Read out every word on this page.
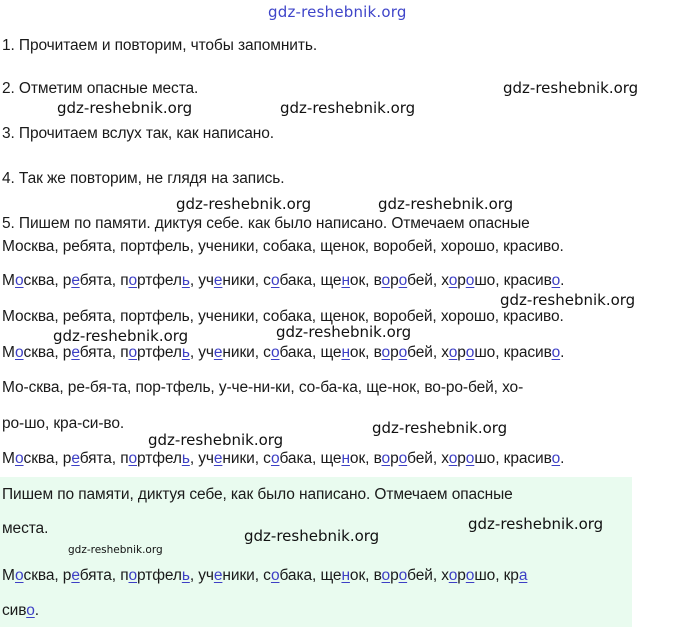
gdz-reshebnik.org
gdz-reshebnik.org
gdz-reshebnik.org	gdz-reshebnik.org
gdz-reshebnik.org	gdz-reshebnik.org
gdz-reshebnik.org
gdz-reshebnik.org	gdz-reshebnik.org
gdz-reshebnik.org
gdz-reshebnik.org
gdz-reshebnik.org
gdz-reshebnik.org
gdz-reshebnik.org
1. Прочитаем и повторим, чтобы запомнить.
2. Отметим опасные места.
3. Прочитаем вслух так, как написано.
4. Так же повторим, не глядя на запись.
5. Пишем по памяти. диктуя себе. как было написано. Отмечаем опасные
Москва, ребята, портфель, ученики, собака, щенок, воробей, хорошо, красиво.
Москва, ребята, портфель, ученики, собака, щенок, воробей, хорошо, красиво.
Москва, ребята, портфель, ученики, собака, щенок, воробей, хорошо, красиво.
Москва, ребята, портфель, ученики, собака, щенок, воробей, хорошо, красиво.
Мо-сква, ре-бя-та, пор-тфель, у-че-ни-ки, со-ба-ка, ще-нок, во-ро-бей, хо-
ро-шо, кра-си-во.
Москва, ребята, портфель, ученики, собака, щенок, воробей, хорошо, красиво.
Пишем по памяти, диктуя себе, как было написано. Отмечаем опасные
места.
Москва, ребята, портфель, ученики, собака, щенок, воробей, хорошо, кра
сиво.
